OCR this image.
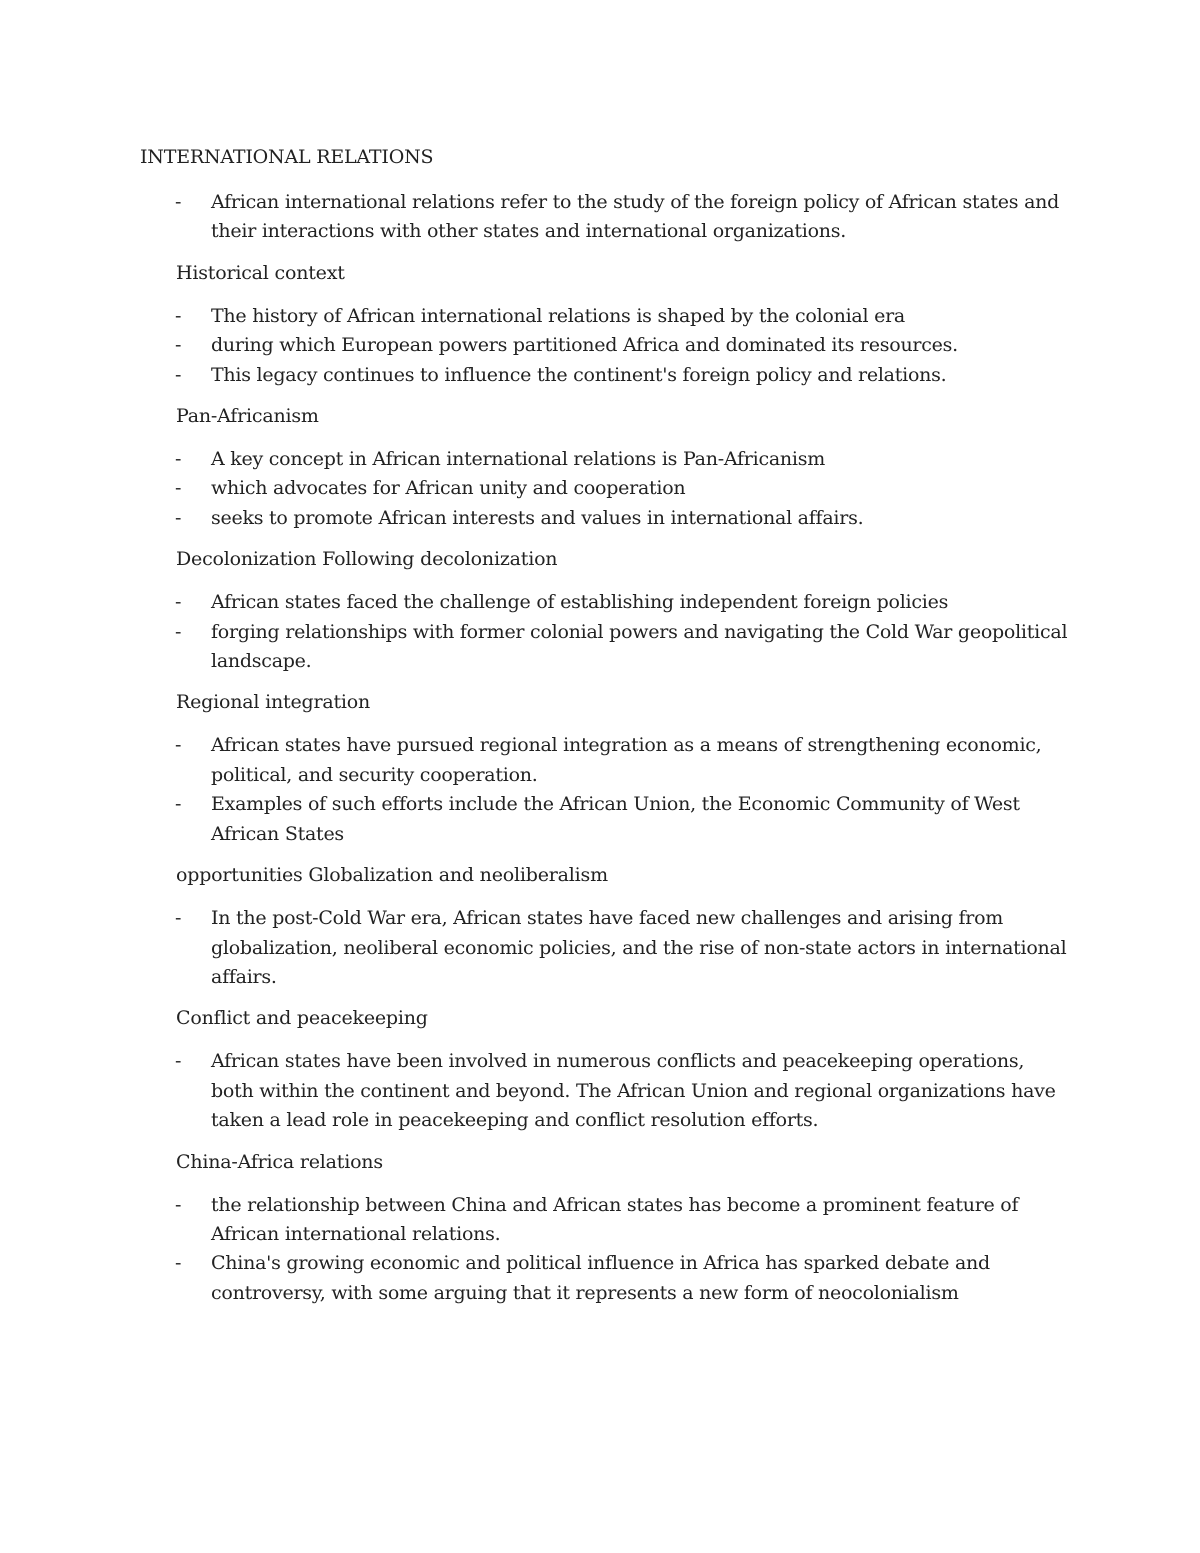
INTERNATIONAL RELATIONS
- African international relations refer to the study of the foreign policy of African states and their interactions with other states and international organizations.
Historical context
- The history of African international relations is shaped by the colonial era
- during which European powers partitioned Africa and dominated its resources.
- This legacy continues to influence the continent's foreign policy and relations.
Pan-Africanism
- A key concept in African international relations is Pan-Africanism
- which advocates for African unity and cooperation
- seeks to promote African interests and values in international affairs.
Decolonization Following decolonization
- African states faced the challenge of establishing independent foreign policies
- forging relationships with former colonial powers and navigating the Cold War geopolitical landscape.
Regional integration
- African states have pursued regional integration as a means of strengthening economic, political, and security cooperation.
- Examples of such efforts include the African Union, the Economic Community of West African States
opportunities Globalization and neoliberalism
- In the post-Cold War era, African states have faced new challenges and arising from globalization, neoliberal economic policies, and the rise of non-state actors in international affairs.
Conflict and peacekeeping
- African states have been involved in numerous conflicts and peacekeeping operations, both within the continent and beyond. The African Union and regional organizations have taken a lead role in peacekeeping and conflict resolution efforts.
China-Africa relations
- the relationship between China and African states has become a prominent feature of African international relations.
- China's growing economic and political influence in Africa has sparked debate and controversy, with some arguing that it represents a new form of neocolonialism
